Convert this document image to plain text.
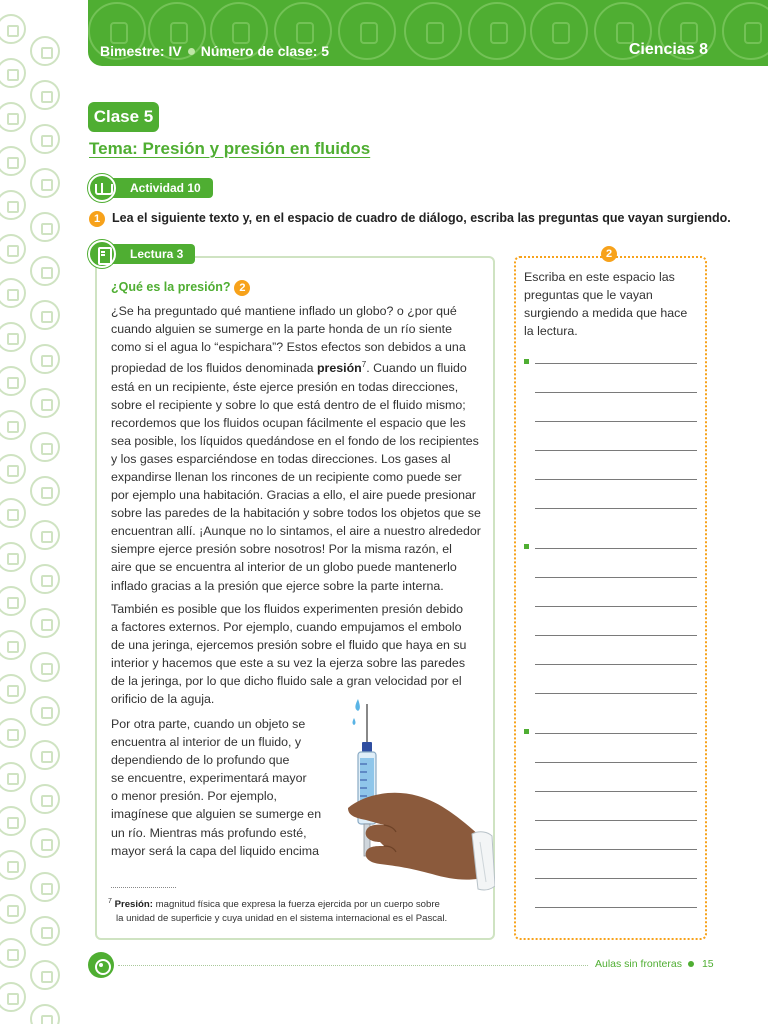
Bimestre: IV Número de clase: 5	Ciencias 8
Clase 5
Tema: Presión y presión en fluidos
Actividad 10
1 Lea el siguiente texto y, en el espacio de cuadro de diálogo, escriba las preguntas que vayan surgiendo.
Lectura 3
¿Qué es la presión? 2
¿Se ha preguntado qué mantiene inflado un globo? o ¿por qué
cuando alguien se sumerge en la parte honda de un río siente
como si el agua lo “espichara”? Estos efectos son debidos a una
propiedad de los fluidos denominada presión$^7$. Cuando un fluido
está en un recipiente, éste ejerce presión en todas direcciones,
sobre el recipiente y sobre lo que está dentro de el fluido mismo;
recordemos que los fluidos ocupan fácilmente el espacio que les
sea posible, los líquidos quedándose en el fondo de los recipientes
y los gases esparciéndose en todas direcciones. Los gases al
expandirse llenan los rincones de un recipiente como puede ser
por ejemplo una habitación. Gracias a ello, el aire puede presionar
sobre las paredes de la habitación y sobre todos los objetos que se
encuentran allí. ¡Aunque no lo sintamos, el aire a nuestro alrededor
siempre ejerce presión sobre nosotros! Por la misma razón, el
aire que se encuentra al interior de un globo puede mantenerlo
inflado gracias a la presión que ejerce sobre la parte interna.
También es posible que los fluidos experimenten presión debido
a factores externos. Por ejemplo, cuando empujamos el embolo
de una jeringa, ejercemos presión sobre el fluido que haya en su
interior y hacemos que este a su vez la ejerza sobre las paredes
de la jeringa, por lo que dicho fluido sale a gran velocidad por el
orificio de la aguja.
Por otra parte, cuando un objeto se
encuentra al interior de un fluido, y
dependiendo de lo profundo que
se encuentre, experimentará mayor
o menor presión. Por ejemplo,
imagínese que alguien se sumerge en
un río. Mientras más profundo esté,
mayor será la capa del liquido encima
$^7$ Presión: magnitud física que expresa la fuerza ejercida por un cuerpo sobre
la unidad de superficie y cuya unidad en el sistema internacional es el Pascal.
2
Escriba en este espacio las
preguntas que le vayan
surgiendo a medida que hace
la lectura.
Aulas sin fronteras 15
